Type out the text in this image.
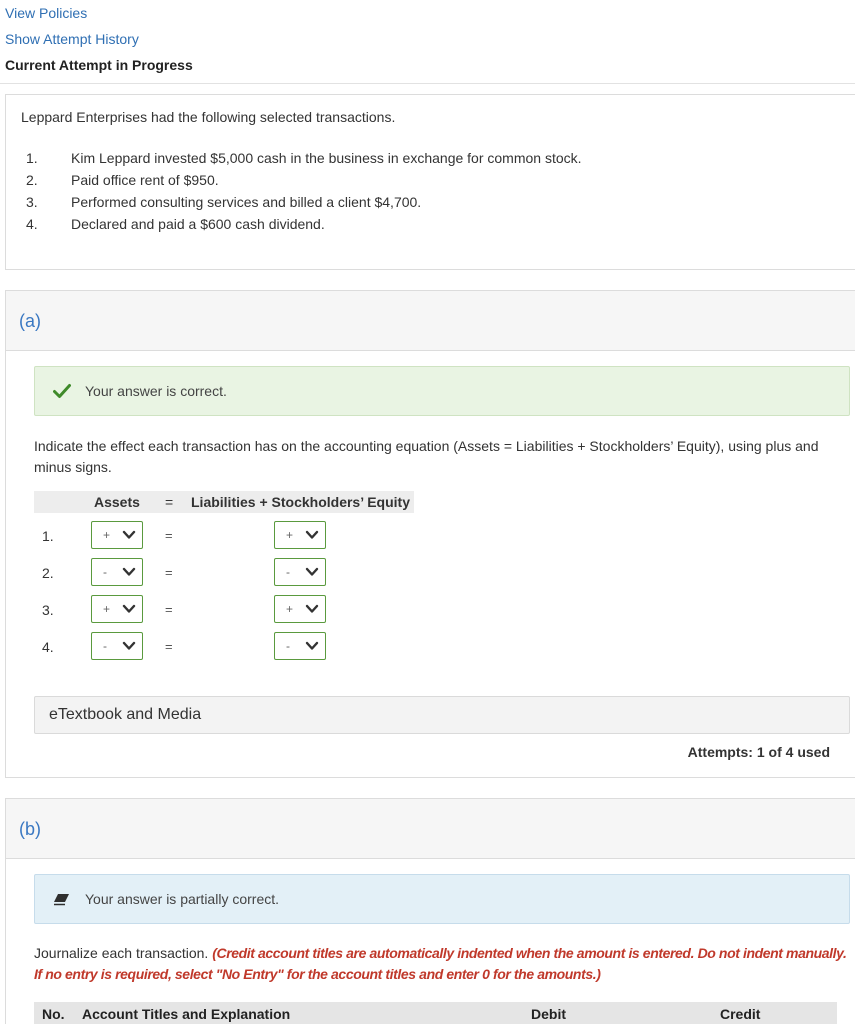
View Policies
Show Attempt History
Current Attempt in Progress
Leppard Enterprises had the following selected transactions.
1.	Kim Leppard invested $5,000 cash in the business in exchange for common stock.
2.	Paid office rent of $950.
3.	Performed consulting services and billed a client $4,700.
4.	Declared and paid a $600 cash dividend.
(a)
Your answer is correct.
Indicate the effect each transaction has on the accounting equation (Assets = Liabilities + Stockholders’ Equity), using plus and minus signs.
Assets = Liabilities + Stockholders’ Equity
1.	+	=	+
2.	-	=	-
3.	+	=	+
4.	-	=	-
eTextbook and Media
Attempts: 1 of 4 used
(b)
Your answer is partially correct.
Journalize each transaction. (Credit account titles are automatically indented when the amount is entered. Do not indent manually. If no entry is required, select "No Entry" for the account titles and enter 0 for the amounts.)
No. Account Titles and Explanation	Debit	Credit
